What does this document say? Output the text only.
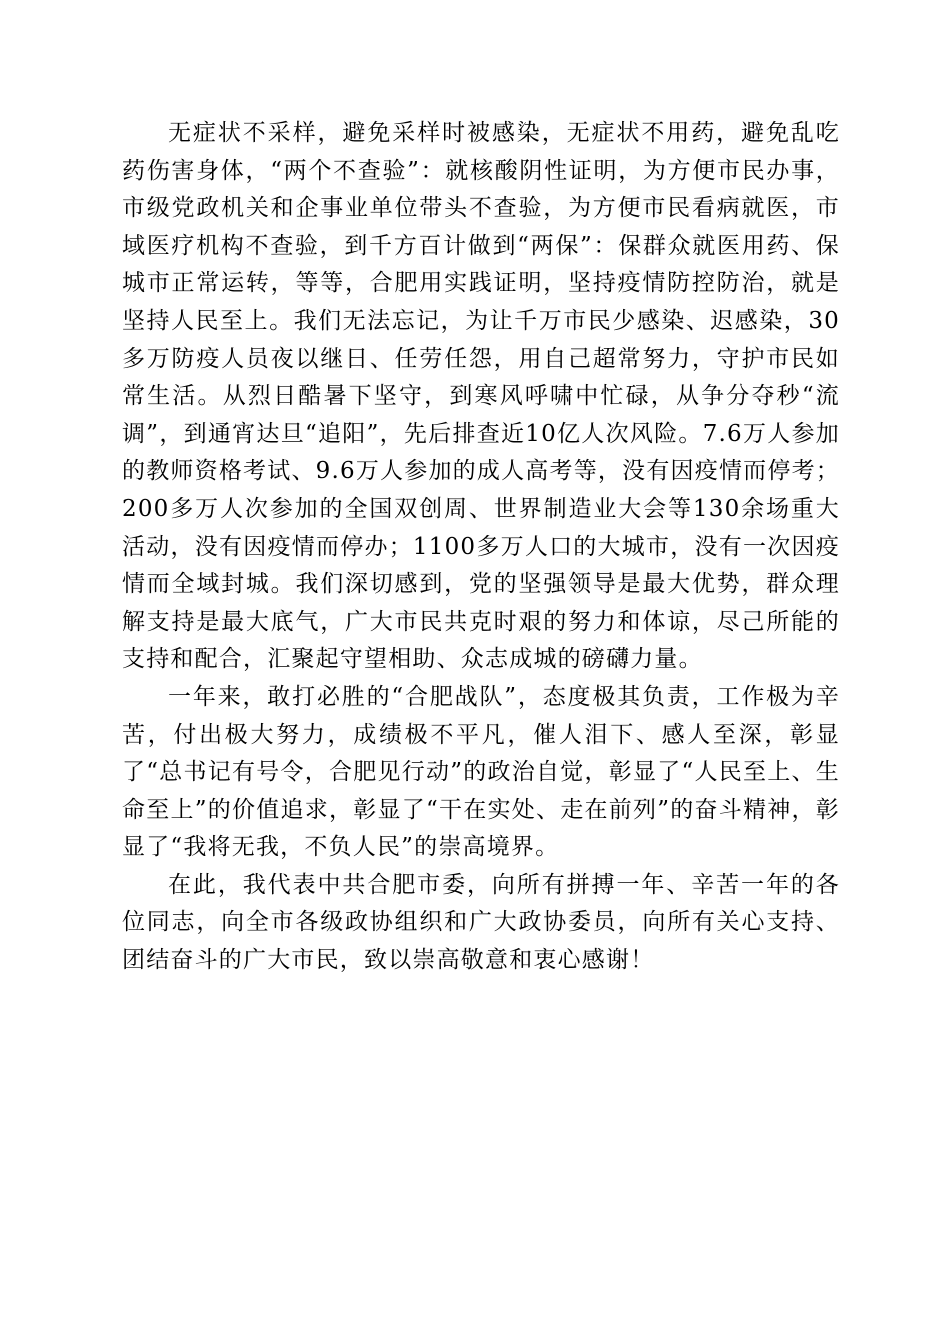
无症状不采样，避免采样时被感染，无症状不用药，避免乱吃药伤害身体，“两个不查验”：就核酸阴性证明，为方便市民办事，市级党政机关和企事业单位带头不查验，为方便市民看病就医，市域医疗机构不查验，到千方百计做到“两保”：保群众就医用药、保城市正常运转，等等，合肥用实践证明，坚持疫情防控防治，就是坚持人民至上。我们无法忘记，为让千万市民少感染、迟感染，30多万防疫人员夜以继日、任劳任怨，用自己超常努力，守护市民如常生活。从烈日酷暑下坚守，到寒风呼啸中忙碌，从争分夺秒“流调”，到通宵达旦“追阳”，先后排查近10亿人次风险。7.6万人参加的教师资格考试、9.6万人参加的成人高考等，没有因疫情而停考；200多万人次参加的全国双创周、世界制造业大会等130余场重大活动，没有因疫情而停办；1100多万人口的大城市，没有一次因疫情而全域封城。我们深切感到，党的坚强领导是最大优势，群众理解支持是最大底气，广大市民共克时艰的努力和体谅，尽己所能的支持和配合，汇聚起守望相助、众志成城的磅礴力量。

一年来，敢打必胜的“合肥战队”，态度极其负责，工作极为辛苦，付出极大努力，成绩极不平凡，催人泪下、感人至深，彰显了“总书记有号令，合肥见行动”的政治自觉，彰显了“人民至上、生命至上”的价值追求，彰显了“干在实处、走在前列”的奋斗精神，彰显了“我将无我，不负人民”的崇高境界。

在此，我代表中共合肥市委，向所有拼搏一年、辛苦一年的各位同志，向全市各级政协组织和广大政协委员，向所有关心支持、团结奋斗的广大市民，致以崇高敬意和衷心感谢！
